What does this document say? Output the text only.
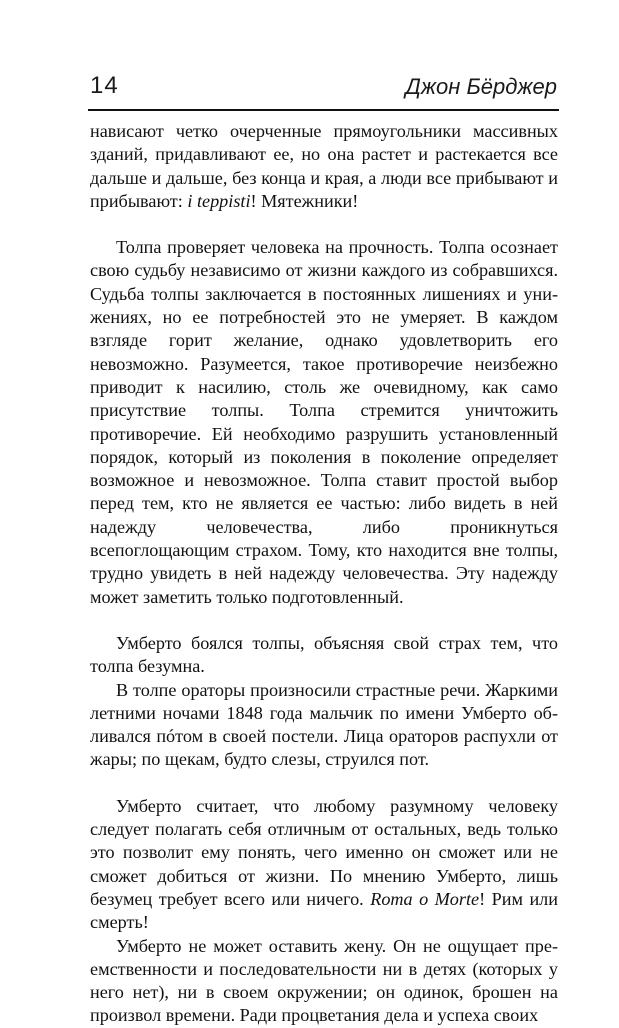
14	Джон Бёрджер

нависают четко очерченные прямоугольники массивных зданий, придавливают ее, но она растет и растекается все дальше и дальше, без конца и края, а люди все прибывают и прибывают: i teppisti! Мятежники!

Толпа проверяет человека на прочность. Толпа осознает свою судьбу независимо от жизни каждого из собравшихся. Судьба толпы заключается в постоянных лишениях и унижениях, но ее потребностей это не умеряет. В каждом взгляде горит желание, однако удовлетворить его невозможно. Разумеется, такое противоречие неизбежно приводит к насилию, столь же очевидному, как само присутствие толпы. Толпа стремится уничтожить противоречие. Ей необходимо разрушить установленный порядок, который из поколения в поколение определяет возможное и невозможное. Толпа ставит простой выбор перед тем, кто не является ее частью: либо видеть в ней надежду человечества, либо проникнуться всепоглощающим страхом. Тому, кто находится вне толпы, трудно увидеть в ней надежду человечества. Эту надежду может заметить только подготовленный.

Умберто боялся толпы, объясняя свой страх тем, что толпа безумна.

В толпе ораторы произносили страстные речи. Жаркими летними ночами 1848 года мальчик по имени Умберто обливался пóтом в своей постели. Лица ораторов распухли от жары; по щекам, будто слезы, струился пот.

Умберто считает, что любому разумному человеку следует полагать себя отличным от остальных, ведь только это позволит ему понять, чего именно он сможет или не сможет добиться от жизни. По мнению Умберто, лишь безумец требует всего или ничего. Roma o Morte! Рим или смерть!

Умберто не может оставить жену. Он не ощущает преемственности и последовательности ни в детях (которых у него нет), ни в своем окружении; он одинок, брошен на произвол времени. Ради процветания дела и успеха своих
